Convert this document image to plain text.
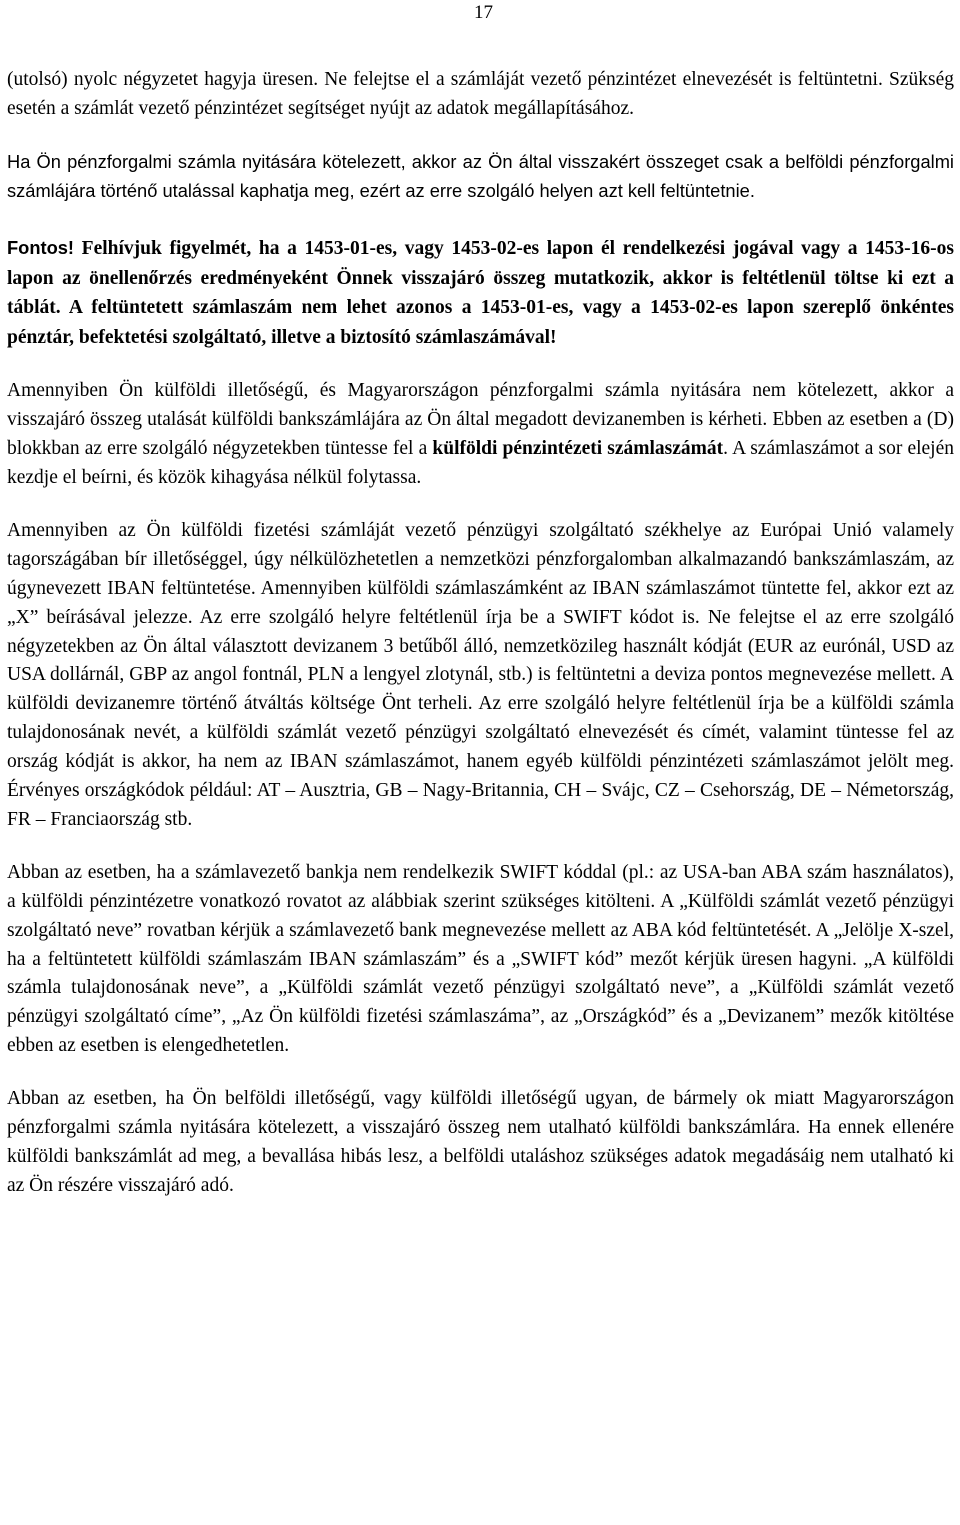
17

(utolsó) nyolc négyzetet hagyja üresen. Ne felejtse el a számláját vezető pénzintézet elnevezését is feltüntetni. Szükség esetén a számlát vezető pénzintézet segítséget nyújt az adatok megállapításához.

Ha Ön pénzforgalmi számla nyitására kötelezett, akkor az Ön által visszakért összeget csak a belföldi pénzforgalmi számlájára történő utalással kaphatja meg, ezért az erre szolgáló helyen azt kell feltüntetnie.

Fontos! Felhívjuk figyelmét, ha a 1453-01-es, vagy 1453-02-es lapon él rendelkezési jogával vagy a 1453-16-os lapon az önellenőrzés eredményeként Önnek visszajáró összeg mutatkozik, akkor is feltétlenül töltse ki ezt a táblát. A feltüntetett számlaszám nem lehet azonos a 1453-01-es, vagy a 1453-02-es lapon szereplő önkéntes pénztár, befektetési szolgáltató, illetve a biztosító számlaszámával!

Amennyiben Ön külföldi illetőségű, és Magyarországon pénzforgalmi számla nyitására nem kötelezett, akkor a visszajáró összeg utalását külföldi bankszámlájára az Ön által megadott devizanemben is kérheti. Ebben az esetben a (D) blokkban az erre szolgáló négyzetekben tüntesse fel a külföldi pénzintézeti számlaszámát. A számlaszámot a sor elején kezdje el beírni, és közök kihagyása nélkül folytassa.

Amennyiben az Ön külföldi fizetési számláját vezető pénzügyi szolgáltató székhelye az Európai Unió valamely tagországában bír illetőséggel, úgy nélkülözhetetlen a nemzetközi pénzforgalomban alkalmazandó bankszámlaszám, az úgynevezett IBAN feltüntetése. Amennyiben külföldi számlaszámként az IBAN számlaszámot tüntette fel, akkor ezt az „X” beírásával jelezze. Az erre szolgáló helyre feltétlenül írja be a SWIFT kódot is. Ne felejtse el az erre szolgáló négyzetekben az Ön által választott devizanem 3 betűből álló, nemzetközileg használt kódját (EUR az eurónál, USD az USA dollárnál, GBP az angol fontnál, PLN a lengyel zlotynál, stb.) is feltüntetni a deviza pontos megnevezése mellett. A külföldi devizanemre történő átváltás költsége Önt terheli. Az erre szolgáló helyre feltétlenül írja be a külföldi számla tulajdonosának nevét, a külföldi számlát vezető pénzügyi szolgáltató elnevezését és címét, valamint tüntesse fel az ország kódját is akkor, ha nem az IBAN számlaszámot, hanem egyéb külföldi pénzintézeti számlaszámot jelölt meg. Érvényes országkódok például: AT – Ausztria, GB – Nagy-Britannia, CH – Svájc, CZ – Csehország, DE – Németország, FR – Franciaország stb.

Abban az esetben, ha a számlavezető bankja nem rendelkezik SWIFT kóddal (pl.: az USA-ban ABA szám használatos), a külföldi pénzintézetre vonatkozó rovatot az alábbiak szerint szükséges kitölteni. A „Külföldi számlát vezető pénzügyi szolgáltató neve” rovatban kérjük a számlavezető bank megnevezése mellett az ABA kód feltüntetését. A „Jelölje X-szel, ha a feltüntetett külföldi számlaszám IBAN számlaszám” és a „SWIFT kód” mezőt kérjük üresen hagyni. „A külföldi számla tulajdonosának neve”, a „Külföldi számlát vezető pénzügyi szolgáltató neve”, a „Külföldi számlát vezető pénzügyi szolgáltató címe”, „Az Ön külföldi fizetési számlaszáma”, az „Országkód” és a „Devizanem” mezők kitöltése ebben az esetben is elengedhetetlen.

Abban az esetben, ha Ön belföldi illetőségű, vagy külföldi illetőségű ugyan, de bármely ok miatt Magyarországon pénzforgalmi számla nyitására kötelezett, a visszajáró összeg nem utalható külföldi bankszámlára. Ha ennek ellenére külföldi bankszámlát ad meg, a bevallása hibás lesz, a belföldi utaláshoz szükséges adatok megadásáig nem utalható ki az Ön részére visszajáró adó.
